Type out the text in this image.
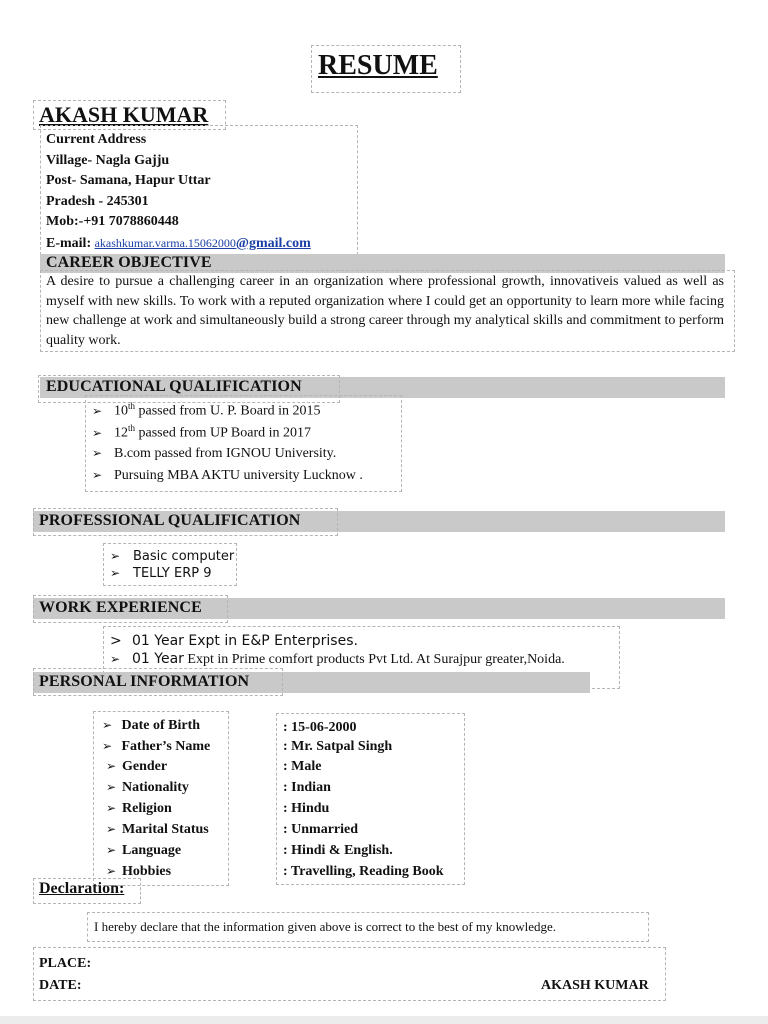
RESUME
AKASH KUMAR
Current Address
Village- Nagla Gajju
Post- Samana, Hapur Uttar
Pradesh - 245301
Mob:-+91 7078860448
E-mail: akashkumar.varma.15062000@gmail.com
CAREER OBJECTIVE
A desire to pursue a challenging career in an organization where professional growth, innovativeis valued as well as myself with new skills. To work with a reputed organization where I could get an opportunity to learn more while facing new challenge at work and simultaneously build a strong career through my analytical skills and commitment to perform quality work.
EDUCATIONAL QUALIFICATION
➢ 10th passed from U. P. Board in 2015
➢ 12th passed from UP Board in 2017
➢ B.com passed from IGNOU University.
➢ Pursuing MBA AKTU university Lucknow .
PROFESSIONAL QUALIFICATION
Basic computer
➢
TELLY ERP 9
➢
WORK EXPERIENCE
> 01 Year Expt in E&P Enterprises.
➢ 01 Year Expt in Prime comfort products Pvt Ltd. At Surajpur greater,Noida.
PERSONAL INFORMATION
➢ Date of Birth	: 15-06-2000
➢ Father’s Name	: Mr. Satpal Singh
➢ Gender	: Male
➢ Nationality	: Indian
➢ Religion	: Hindu
➢ Marital Status	: Unmarried
➢ Language	: Hindi & English.
➢ Hobbies	: Travelling, Reading Book
Declaration:
I hereby declare that the information given above is correct to the best of my knowledge.
PLACE:
DATE:	AKASH KUMAR
